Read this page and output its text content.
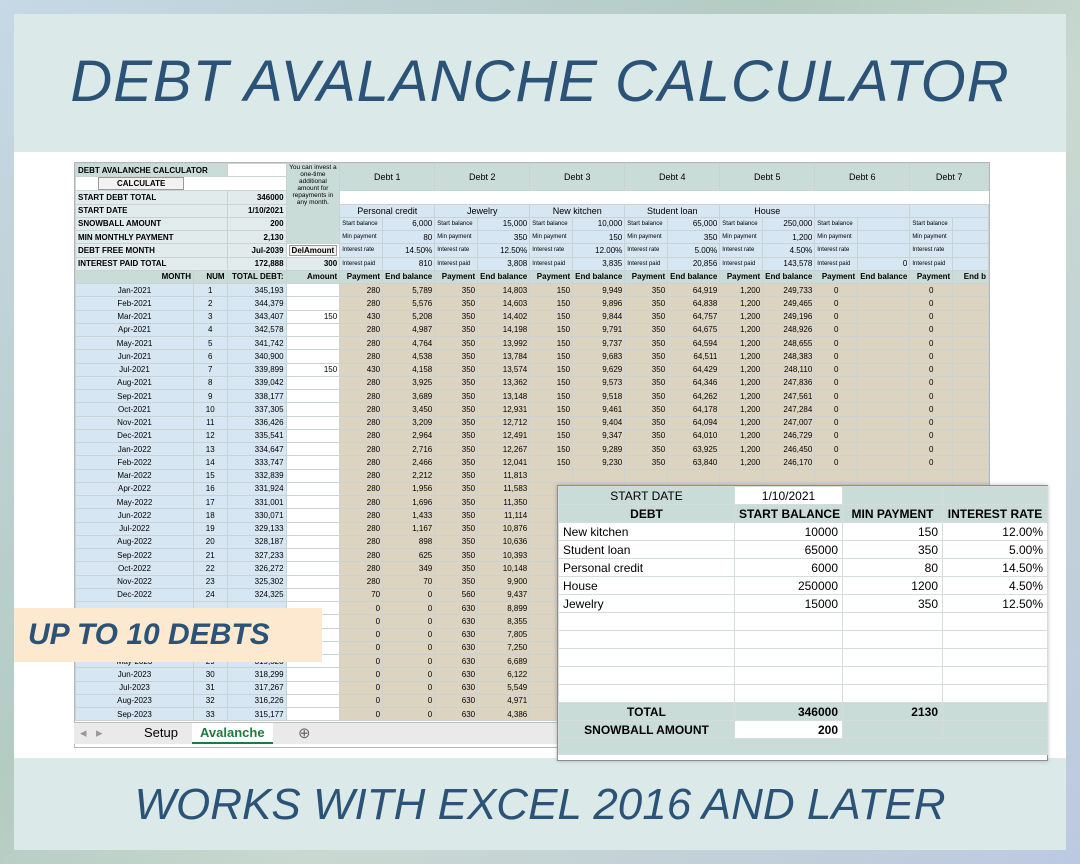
DEBT AVALANCHE CALCULATOR
WORKS WITH EXCEL 2016 AND LATER
DEBT AVALANCHE CALCULATOR			You can invest a one-time additional amount for repayments in any month.	Debt 1		Debt 2		Debt 3		Debt 4		Debt 5		Debt 6		Debt 7	
CALCULATE																	
START DEBT TOTAL		346000															
START DATE		1/10/2021		Personal credit		Jewelry		New kitchen		Student loan		House					
SNOWBALL AMOUNT		200		Start balance	6,000	Start balance	15,000	Start balance	10,000	Start balance	65,000	Start balance	250,000	Start balance		Start balance	
MIN MONTHLY PAYMENT		2,130		Min payment	80	Min payment	350	Min payment	150	Min payment	350	Min payment	1,200	Min payment		Min payment	
DEBT FREE MONTH		Jul-2039	DelAmount	Interest rate	14.50%	Interest rate	12.50%	Interest rate	12.00%	Interest rate	5.00%	Interest rate	4.50%	Interest rate		Interest rate	
INTEREST PAID TOTAL		172,888	300	Interest paid	810	Interest paid	3,808	Interest paid	3,835	Interest paid	20,856	Interest paid	143,578	Interest paid	0	Interest paid	
MONTH	NUM	TOTAL DEBT:	Amount	Payment	End balance	Payment	End balance	Payment	End balance	Payment	End balance	Payment	End balance	Payment	End balance	Payment	End b
Jan-2021	1	345,193		280	5,789	350	14,803	150	9,949	350	64,919	1,200	249,733	0		0	
Feb-2021	2	344,379		280	5,576	350	14,603	150	9,896	350	64,838	1,200	249,465	0		0	
Mar-2021	3	343,407	150	430	5,208	350	14,402	150	9,844	350	64,757	1,200	249,196	0		0	
Apr-2021	4	342,578		280	4,987	350	14,198	150	9,791	350	64,675	1,200	248,926	0		0	
May-2021	5	341,742		280	4,764	350	13,992	150	9,737	350	64,594	1,200	248,655	0		0	
Jun-2021	6	340,900		280	4,538	350	13,784	150	9,683	350	64,511	1,200	248,383	0		0	
Jul-2021	7	339,899	150	430	4,158	350	13,574	150	9,629	350	64,429	1,200	248,110	0		0	
Aug-2021	8	339,042		280	3,925	350	13,362	150	9,573	350	64,346	1,200	247,836	0		0	
Sep-2021	9	338,177		280	3,689	350	13,148	150	9,518	350	64,262	1,200	247,561	0		0	
Oct-2021	10	337,305		280	3,450	350	12,931	150	9,461	350	64,178	1,200	247,284	0		0	
Nov-2021	11	336,426		280	3,209	350	12,712	150	9,404	350	64,094	1,200	247,007	0		0	
Dec-2021	12	335,541		280	2,964	350	12,491	150	9,347	350	64,010	1,200	246,729	0		0	
Jan-2022	13	334,647		280	2,716	350	12,267	150	9,289	350	63,925	1,200	246,450	0		0	
Feb-2022	14	333,747		280	2,466	350	12,041	150	9,230	350	63,840	1,200	246,170	0		0	
Mar-2022	15	332,839		280	2,212	350	11,813										
Apr-2022	16	331,924		280	1,956	350	11,583										
May-2022	17	331,001		280	1,696	350	11,350										
Jun-2022	18	330,071		280	1,433	350	11,114										
Jul-2022	19	329,133		280	1,167	350	10,876										
Aug-2022	20	328,187		280	898	350	10,636										
Sep-2022	21	327,233		280	625	350	10,393										
Oct-2022	22	326,272		280	349	350	10,148										
Nov-2022	23	325,302		280	70	350	9,900										
Dec-2022	24	324,325		70	0	560	9,437										
				0	0	630	8,899										
				0	0	630	8,355										
				0	0	630	7,805										
				0	0	630	7,250										
				0	0	630	6,689										
Jun-2023	30	318,299		0	0	630	6,122										
Jul-2023	31	317,267		0	0	630	5,549										
Aug-2023	32	316,226		0	0	630	4,971										
Sep-2023	33	315,177		0	0	630	4,386										
◂ ▸	Setup	Avalanche	⊕
UP TO 10 DEBTS
START DATE	1/10/2021		
DEBT	START BALANCE	MIN PAYMENT	INTEREST RATE
New kitchen	10000	150	12.00%
Student loan	65000	350	5.00%
Personal credit	6000	80	14.50%
House	250000	1200	4.50%
Jewelry	15000	350	12.50%

TOTAL	346000	2130	
SNOWBALL AMOUNT	200		
